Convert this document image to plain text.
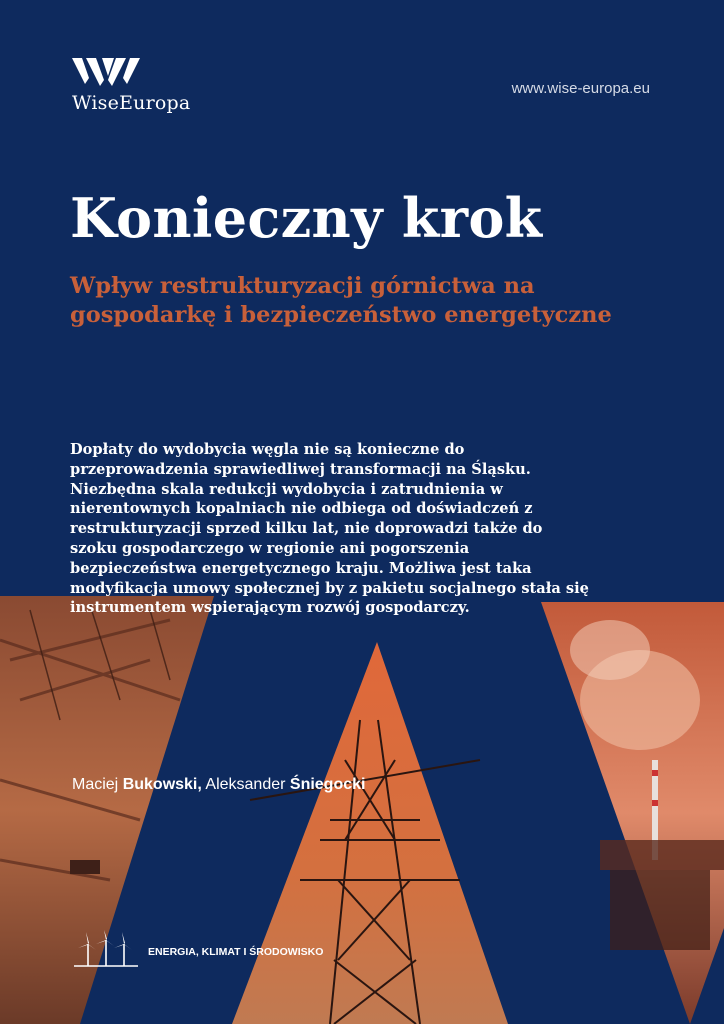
WiseEuropa
www.wise-europa.eu
Konieczny krok
Wpływ restrukturyzacji górnictwa na gospodarkę i bezpieczeństwo energetyczne

Dopłaty do wydobycia węgla nie są konieczne do przeprowadzenia sprawiedliwej transformacji na Śląsku. Niezbędna skala redukcji wydobycia i zatrudnienia w nierentownych kopalniach nie odbiega od doświadczeń z restrukturyzacji sprzed kilku lat, nie doprowadzi także do szoku gospodarczego w regionie ani pogorszenia bezpieczeństwa energetycznego kraju. Możliwa jest taka modyfikacja umowy społecznej by z pakietu socjalnego stała się instrumentem wspierającym rozwój gospodarczy.

Maciej Bukowski, Aleksander Śniegocki
ENERGIA, KLIMAT I ŚRODOWISKO
